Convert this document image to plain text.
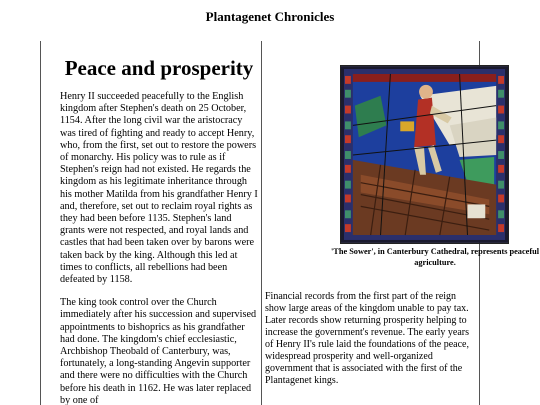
Plantagenet Chronicles
Peace and prosperity

Henry II succeeded peacefully to the English kingdom after Stephen's death on 25 October, 1154. After the long civil war the aristocracy was tired of fighting and ready to accept Henry, who, from the first, set out to restore the powers of monarchy. His policy was to rule as if Stephen's reign had not existed. He regards the kingdom as his legitimate inheritance through his mother Matilda from his grandfather Henry I and, therefore, set out to reclaim royal rights as they had been before 1135. Stephen's land grants were not respected, and royal lands and castles that had been taken over by barons were taken back by the king. Although this led at times to conflicts, all rebellions had been defeated by 1158.

The king took control over the Church immediately after his succession and supervised appointments to bishoprics as his grandfather had done. The kingdom's chief ecclesiastic, Archbishop Theobald of Canterbury, was, fortunately, a long-standing Angevin supporter and there were no difficulties with the Church before his death in 1162. He was later replaced by one of

'The Sower', in Canterbury Cathedral, represents peaceful agriculture.

Financial records from the first part of the reign show large areas of the kingdom unable to pay tax. Later records show returning prosperity helping to increase the government's revenue. The early years of Henry II's rule laid the foundations of the peace, widespread prosperity and well-organized government that is associated with the first of the Plantagenet kings.
